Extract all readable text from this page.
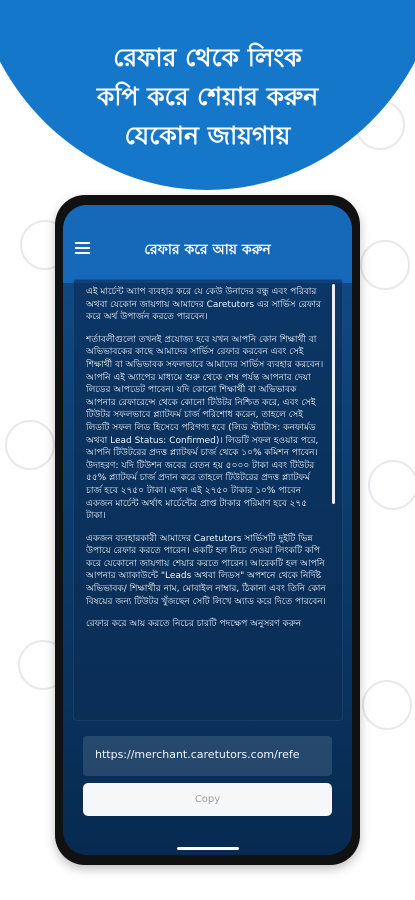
রেফার থেকে লিংক
কপি করে শেয়ার করুন
যেকোন জায়গায়
রেফার করে আয় করুন

এই মার্চেন্ট অ্যাপ ব্যবহার করে যে কেউ উনাদের বন্ধু এবং পরিবার অথবা যেকোন জায়গায় আমাদের Caretutors এর সার্ভিস রেফার করে অর্থ উপার্জন করতে পারবেন।

শর্তাবলীগুলো তখনই প্রযোজ্য হবে যখন আপনি কোন শিক্ষার্থী বা অভিভাবকের কাছে আমাদের সার্ভিস রেফার করবেন এবং সেই শিক্ষার্থী বা অভিভাবক সফলভাবে আমাদের সার্ভিস ব্যবহার করবেন। আপনি এই অ্যাপের মাধ্যমে শুরু থেকে শেষ পর্যন্ত আপনার দেয়া লিডের আপডেট পাবেন। যদি কোনো শিক্ষার্থী বা অভিভাবক আপনার রেফারেন্সে থেকে কোনো টিউটর নিশ্চিত করে, এবং সেই টিউটর সফলভাবে প্ল্যাটফর্ম চার্জ পরিশোধ করেন, তাহলে সেই লিডটি সফল লিড হিসেবে পরিগণ্য হবে (লিড স্ট্যাটাস: কনফার্মড অথবা Lead Status: Confirmed)। লিডটি সফল হওয়ার পরে, আপনি টিউটরের প্রদত্ত প্ল্যাটফর্ম চার্জ থেকে ১০% কমিশন পাবেন। উদাহরণ: যদি টিউশন জবের বেতন হয় ৫০০০ টাকা এবং টিউটর ৫৫% প্ল্যাটফর্ম চার্জ প্রদান করে তাহলে টিউটরের প্রদত্ত প্ল্যাটফর্ম চার্জ হবে ২৭৫০ টাকা। এখন এই ২৭৫০ টাকার ১০% পাবেন একজন মার্চেন্ট অর্থাৎ মার্চেন্টের প্রাপ্ত টাকার পরিমাণ হবে ২৭৫ টাকা।

একজন ব্যবহারকারী আমাদের Caretutors সার্ভিসটি দুইটি ভিন্ন উপায়ে রেফার করতে পারেন। একটি হল নিচে দেওয়া লিংকটি কপি করে যেকোনো জায়গায় শেয়ার করতে পারেন। আরেকটি হল আপনি আপনার অ্যাকাউন্টে "Leads অথবা লিডস" অপশনে থেকে নির্দিষ্ট অভিভাবক/ শিক্ষার্থীর নাম, মোবাইল নাম্বার, ঠিকানা এবং তিনি কোন বিষয়ের জন্য টিউটর খুঁজছেন সেটি লিখে অ্যাড করে দিতে পারবেন।

রেফার করে আয় করতে নিচের চারটি পদক্ষেপ অনুসরণ করুন

https://merchant.caretutors.com/refe
Copy
